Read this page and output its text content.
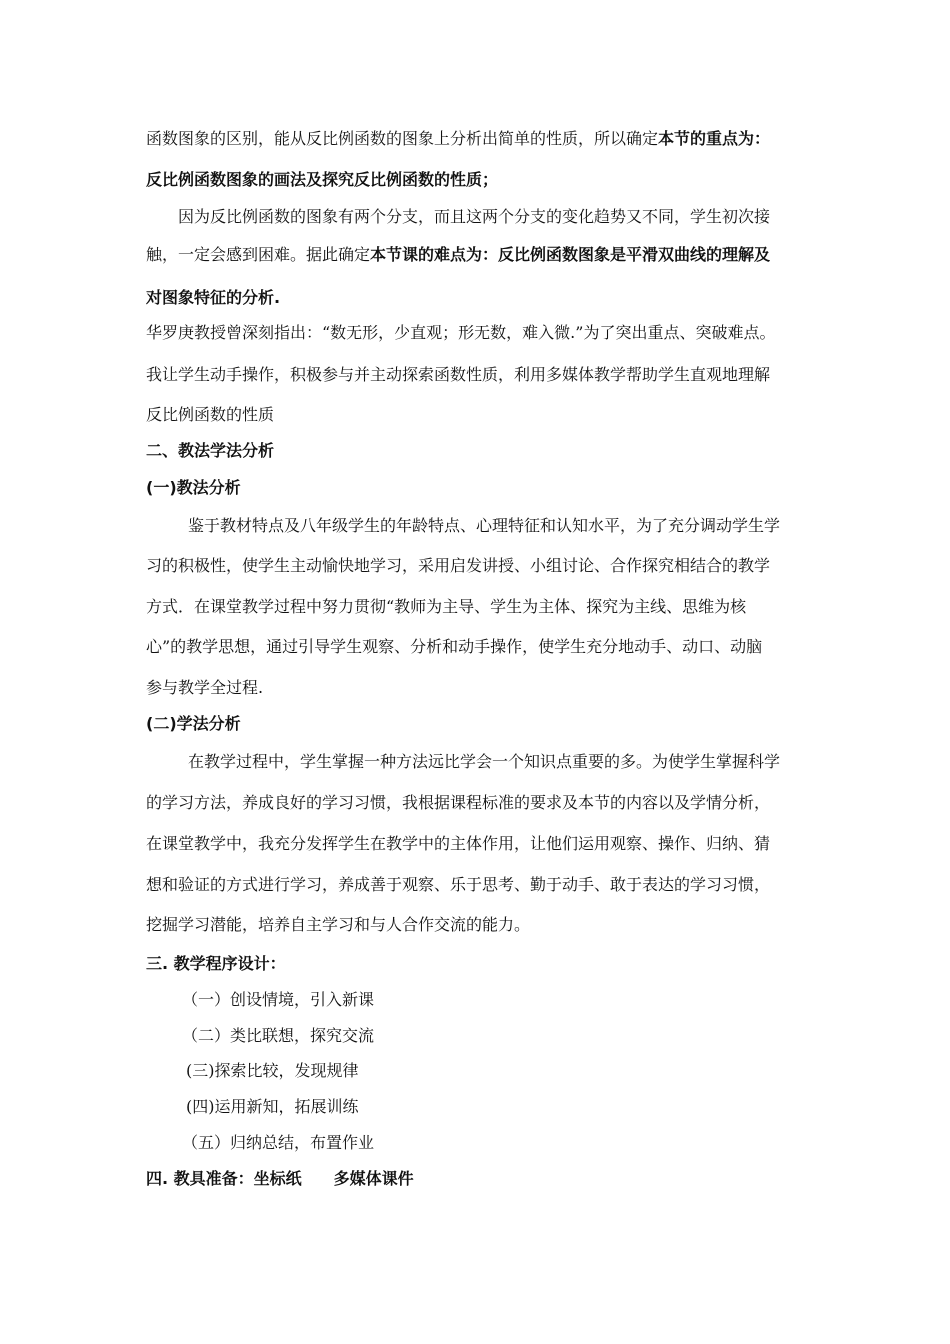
函数图象的区别，能从反比例函数的图象上分析出简单的性质，所以确定本节的重点为：
反比例函数图象的画法及探究反比例函数的性质；
因为反比例函数的图象有两个分支，而且这两个分支的变化趋势又不同，学生初次接
触，一定会感到困难。据此确定本节课的难点为：反比例函数图象是平滑双曲线的理解及
对图象特征的分析.
华罗庚教授曾深刻指出：“数无形，少直观；形无数，难入微.”为了突出重点、突破难点。
我让学生动手操作，积极参与并主动探索函数性质，利用多媒体教学帮助学生直观地理解
反比例函数的性质
二、教法学法分析
(一)教法分析
鉴于教材特点及八年级学生的年龄特点、心理特征和认知水平，为了充分调动学生学
习的积极性，使学生主动愉快地学习，采用启发讲授、小组讨论、合作探究相结合的教学
方式．在课堂教学过程中努力贯彻“教师为主导、学生为主体、探究为主线、思维为核
心”的教学思想，通过引导学生观察、分析和动手操作，使学生充分地动手、动口、动脑
参与教学全过程.
(二)学法分析
在教学过程中，学生掌握一种方法远比学会一个知识点重要的多。为使学生掌握科学
的学习方法，养成良好的学习习惯，我根据课程标准的要求及本节的内容以及学情分析，
在课堂教学中，我充分发挥学生在教学中的主体作用，让他们运用观察、操作、归纳、猜
想和验证的方式进行学习，养成善于观察、乐于思考、勤于动手、敢于表达的学习习惯，
挖掘学习潜能，培养自主学习和与人合作交流的能力。
三. 教学程序设计：
（一）创设情境，引入新课
（二）类比联想，探究交流
(三)探索比较，发现规律
(四)运用新知，拓展训练
（五）归纳总结，布置作业
四. 教具准备：坐标纸　　多媒体课件
